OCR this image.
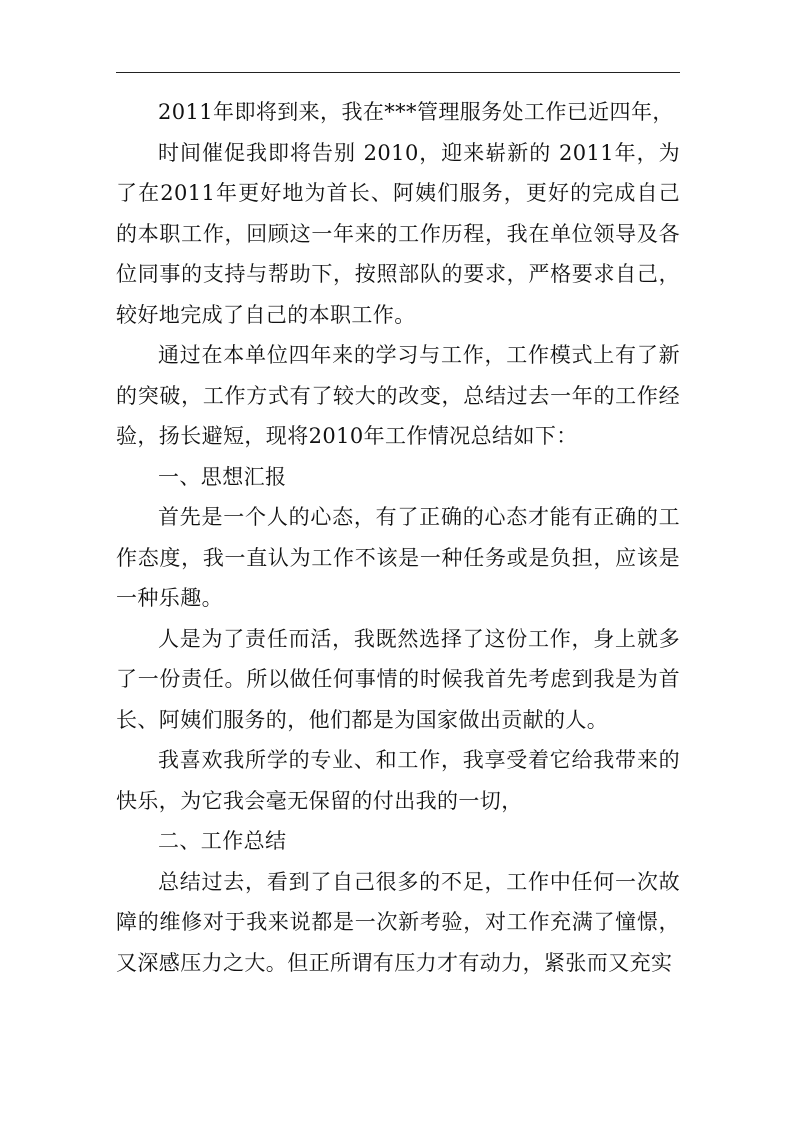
2011年即将到来，我在***管理服务处工作已近四年，

时间催促我即将告别 2010，迎来崭新的 2011年，为了在2011年更好地为首长、阿姨们服务，更好的完成自己的本职工作，回顾这一年来的工作历程，我在单位领导及各位同事的支持与帮助下，按照部队的要求，严格要求自己，较好地完成了自己的本职工作。

通过在本单位四年来的学习与工作，工作模式上有了新的突破，工作方式有了较大的改变，总结过去一年的工作经验，扬长避短，现将2010年工作情况总结如下：

一、思想汇报

首先是一个人的心态，有了正确的心态才能有正确的工作态度，我一直认为工作不该是一种任务或是负担，应该是一种乐趣。

人是为了责任而活，我既然选择了这份工作，身上就多了一份责任。所以做任何事情的时候我首先考虑到我是为首长、阿姨们服务的，他们都是为国家做出贡献的人。

我喜欢我所学的专业、和工作，我享受着它给我带来的快乐，为它我会毫无保留的付出我的一切，

二、工作总结

总结过去，看到了自己很多的不足，工作中任何一次故障的维修对于我来说都是一次新考验，对工作充满了憧憬，又深感压力之大。但正所谓有压力才有动力，紧张而又充实
